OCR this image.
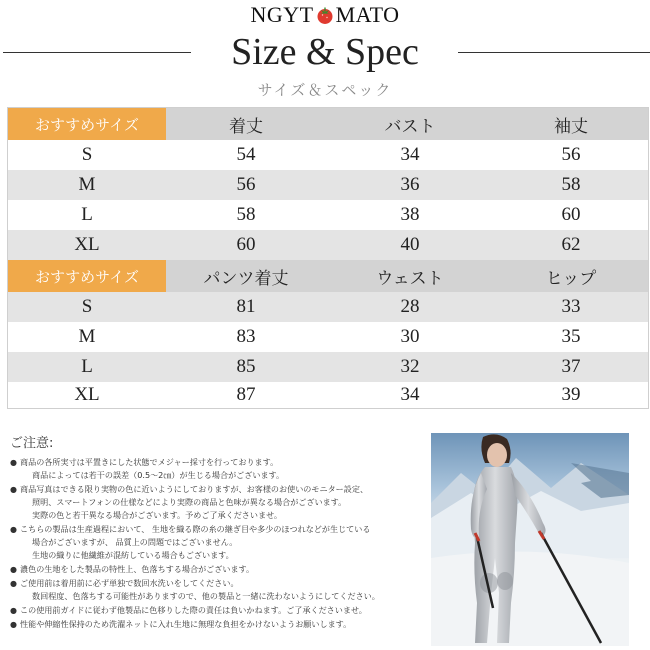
NGYT MATO
Size & Spec
サイズ＆スペック
おすすめサイズ	着丈	バスト	袖丈
S	54	34	56
M	56	36	58
L	58	38	60
XL	60	40	62
おすすめサイズ	パンツ着丈	ウェスト	ヒップ
S	81	28	33
M	83	30	35
L	85	32	37
XL	87	34	39
ご注意:
● 商品の各所実寸は平置きにした状態でメジャー採寸を行っております。
商品によっては若干の誤差（0.5〜2㎝）が生じる場合がございます。
● 商品写真はできる限り実物の色に近いようにしておりますが、お客様のお使いのモニター設定、
照明、スマートフォンの仕様などにより実際の商品と色味が異なる場合がございます。
実際の色と若干異なる場合がございます。予めご了承くださいませ。
● こちらの製品は生産過程において、 生地を織る際の糸の継ぎ目や多少のほつれなどが生じている
場合がございますが、 品質上の問題ではございません。
生地の織りに他繊維が混紡している場合もございます。
● 濃色の生地をした製品の特性上、色落ちする場合がございます。
● ご使用前は着用前に必ず単独で数回水洗いをしてください。
数回程度、色落ちする可能性がありますので、他の製品と一緒に洗わないようにしてください。
● この使用前ガイドに従わず他製品に色移りした際の責任は負いかねます。ご了承くださいませ。
● 性能や伸縮性保持のため洗濯ネットに入れ生地に無理な負担をかけないようお願いします。
